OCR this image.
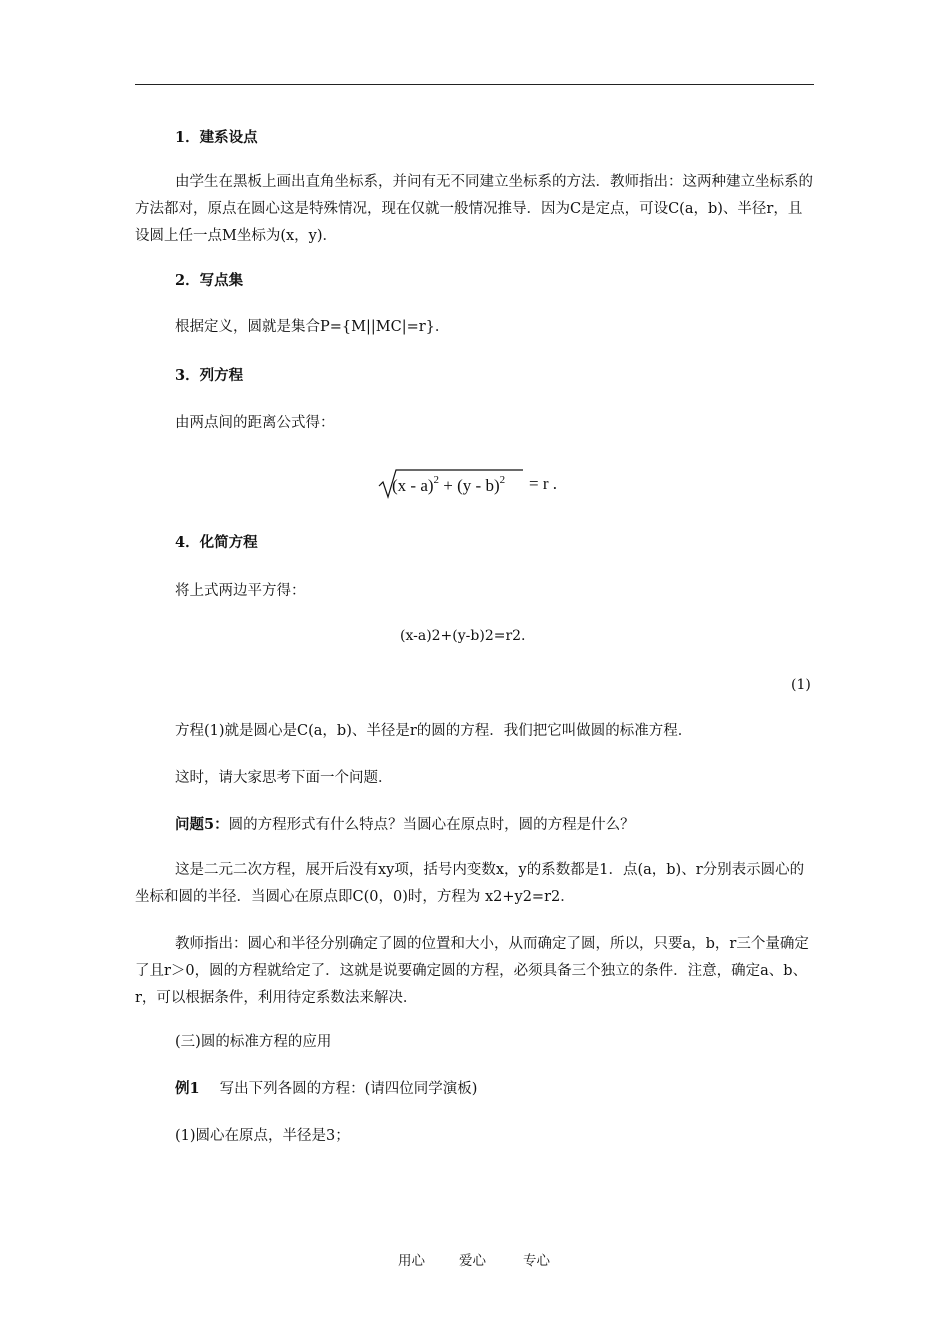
1．建系设点
由学生在黑板上画出直角坐标系，并问有无不同建立坐标系的方法．教师指出：这两种建立坐标系的方法都对，原点在圆心这是特殊情况，现在仅就一般情况推导．因为C是定点，可设C(a，b)、半径r，且设圆上任一点M坐标为(x，y)．
2．写点集
根据定义，圆就是集合P={M||MC|=r}．
3．列方程
由两点间的距离公式得：
(x - a)$^2$ + (y - b)$^2$ = r .
4．化简方程
将上式两边平方得：
(x-a)2+(y-b)2=r2.
(1)
方程(1)就是圆心是C(a，b)、半径是r的圆的方程．我们把它叫做圆的标准方程．
这时，请大家思考下面一个问题．
问题5：圆的方程形式有什么特点？当圆心在原点时，圆的方程是什么？
这是二元二次方程，展开后没有xy项，括号内变数x，y的系数都是1．点(a，b)、r分别表示圆心的坐标和圆的半径．当圆心在原点即C(0，0)时，方程为 x2+y2=r2．
教师指出：圆心和半径分别确定了圆的位置和大小，从而确定了圆，所以，只要a，b，r三个量确定了且r＞0，圆的方程就给定了．这就是说要确定圆的方程，必须具备三个独立的条件．注意，确定a、b、r，可以根据条件，利用待定系数法来解决．
(三)圆的标准方程的应用
例1 写出下列各圆的方程：(请四位同学演板)
(1)圆心在原点，半径是3；
用心	爱心	专心
